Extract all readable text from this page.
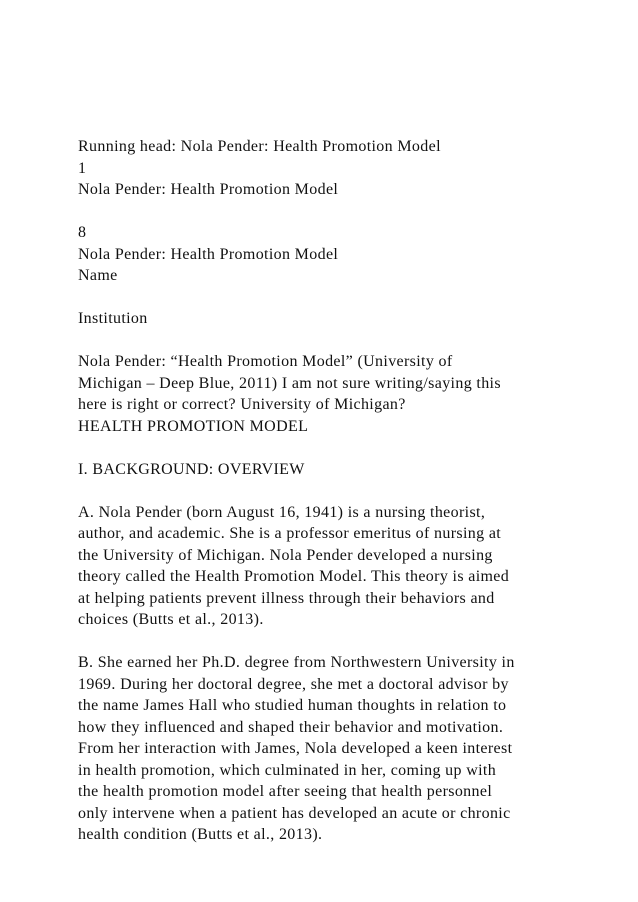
Running head: Nola Pender: Health Promotion Model
1
Nola Pender: Health Promotion Model
8
Nola Pender: Health Promotion Model
Name
Institution
Nola Pender: “Health Promotion Model” (University of
Michigan – Deep Blue, 2011) I am not sure writing/saying this
here is right or correct? University of Michigan?
HEALTH PROMOTION MODEL
I. BACKGROUND: OVERVIEW
A. Nola Pender (born August 16, 1941) is a nursing theorist,
author, and academic. She is a professor emeritus of nursing at
the University of Michigan. Nola Pender developed a nursing
theory called the Health Promotion Model. This theory is aimed
at helping patients prevent illness through their behaviors and
choices (Butts et al., 2013).
B. She earned her Ph.D. degree from Northwestern University in
1969. During her doctoral degree, she met a doctoral advisor by
the name James Hall who studied human thoughts in relation to
how they influenced and shaped their behavior and motivation.
From her interaction with James, Nola developed a keen interest
in health promotion, which culminated in her, coming up with
the health promotion model after seeing that health personnel
only intervene when a patient has developed an acute or chronic
health condition (Butts et al., 2013).
